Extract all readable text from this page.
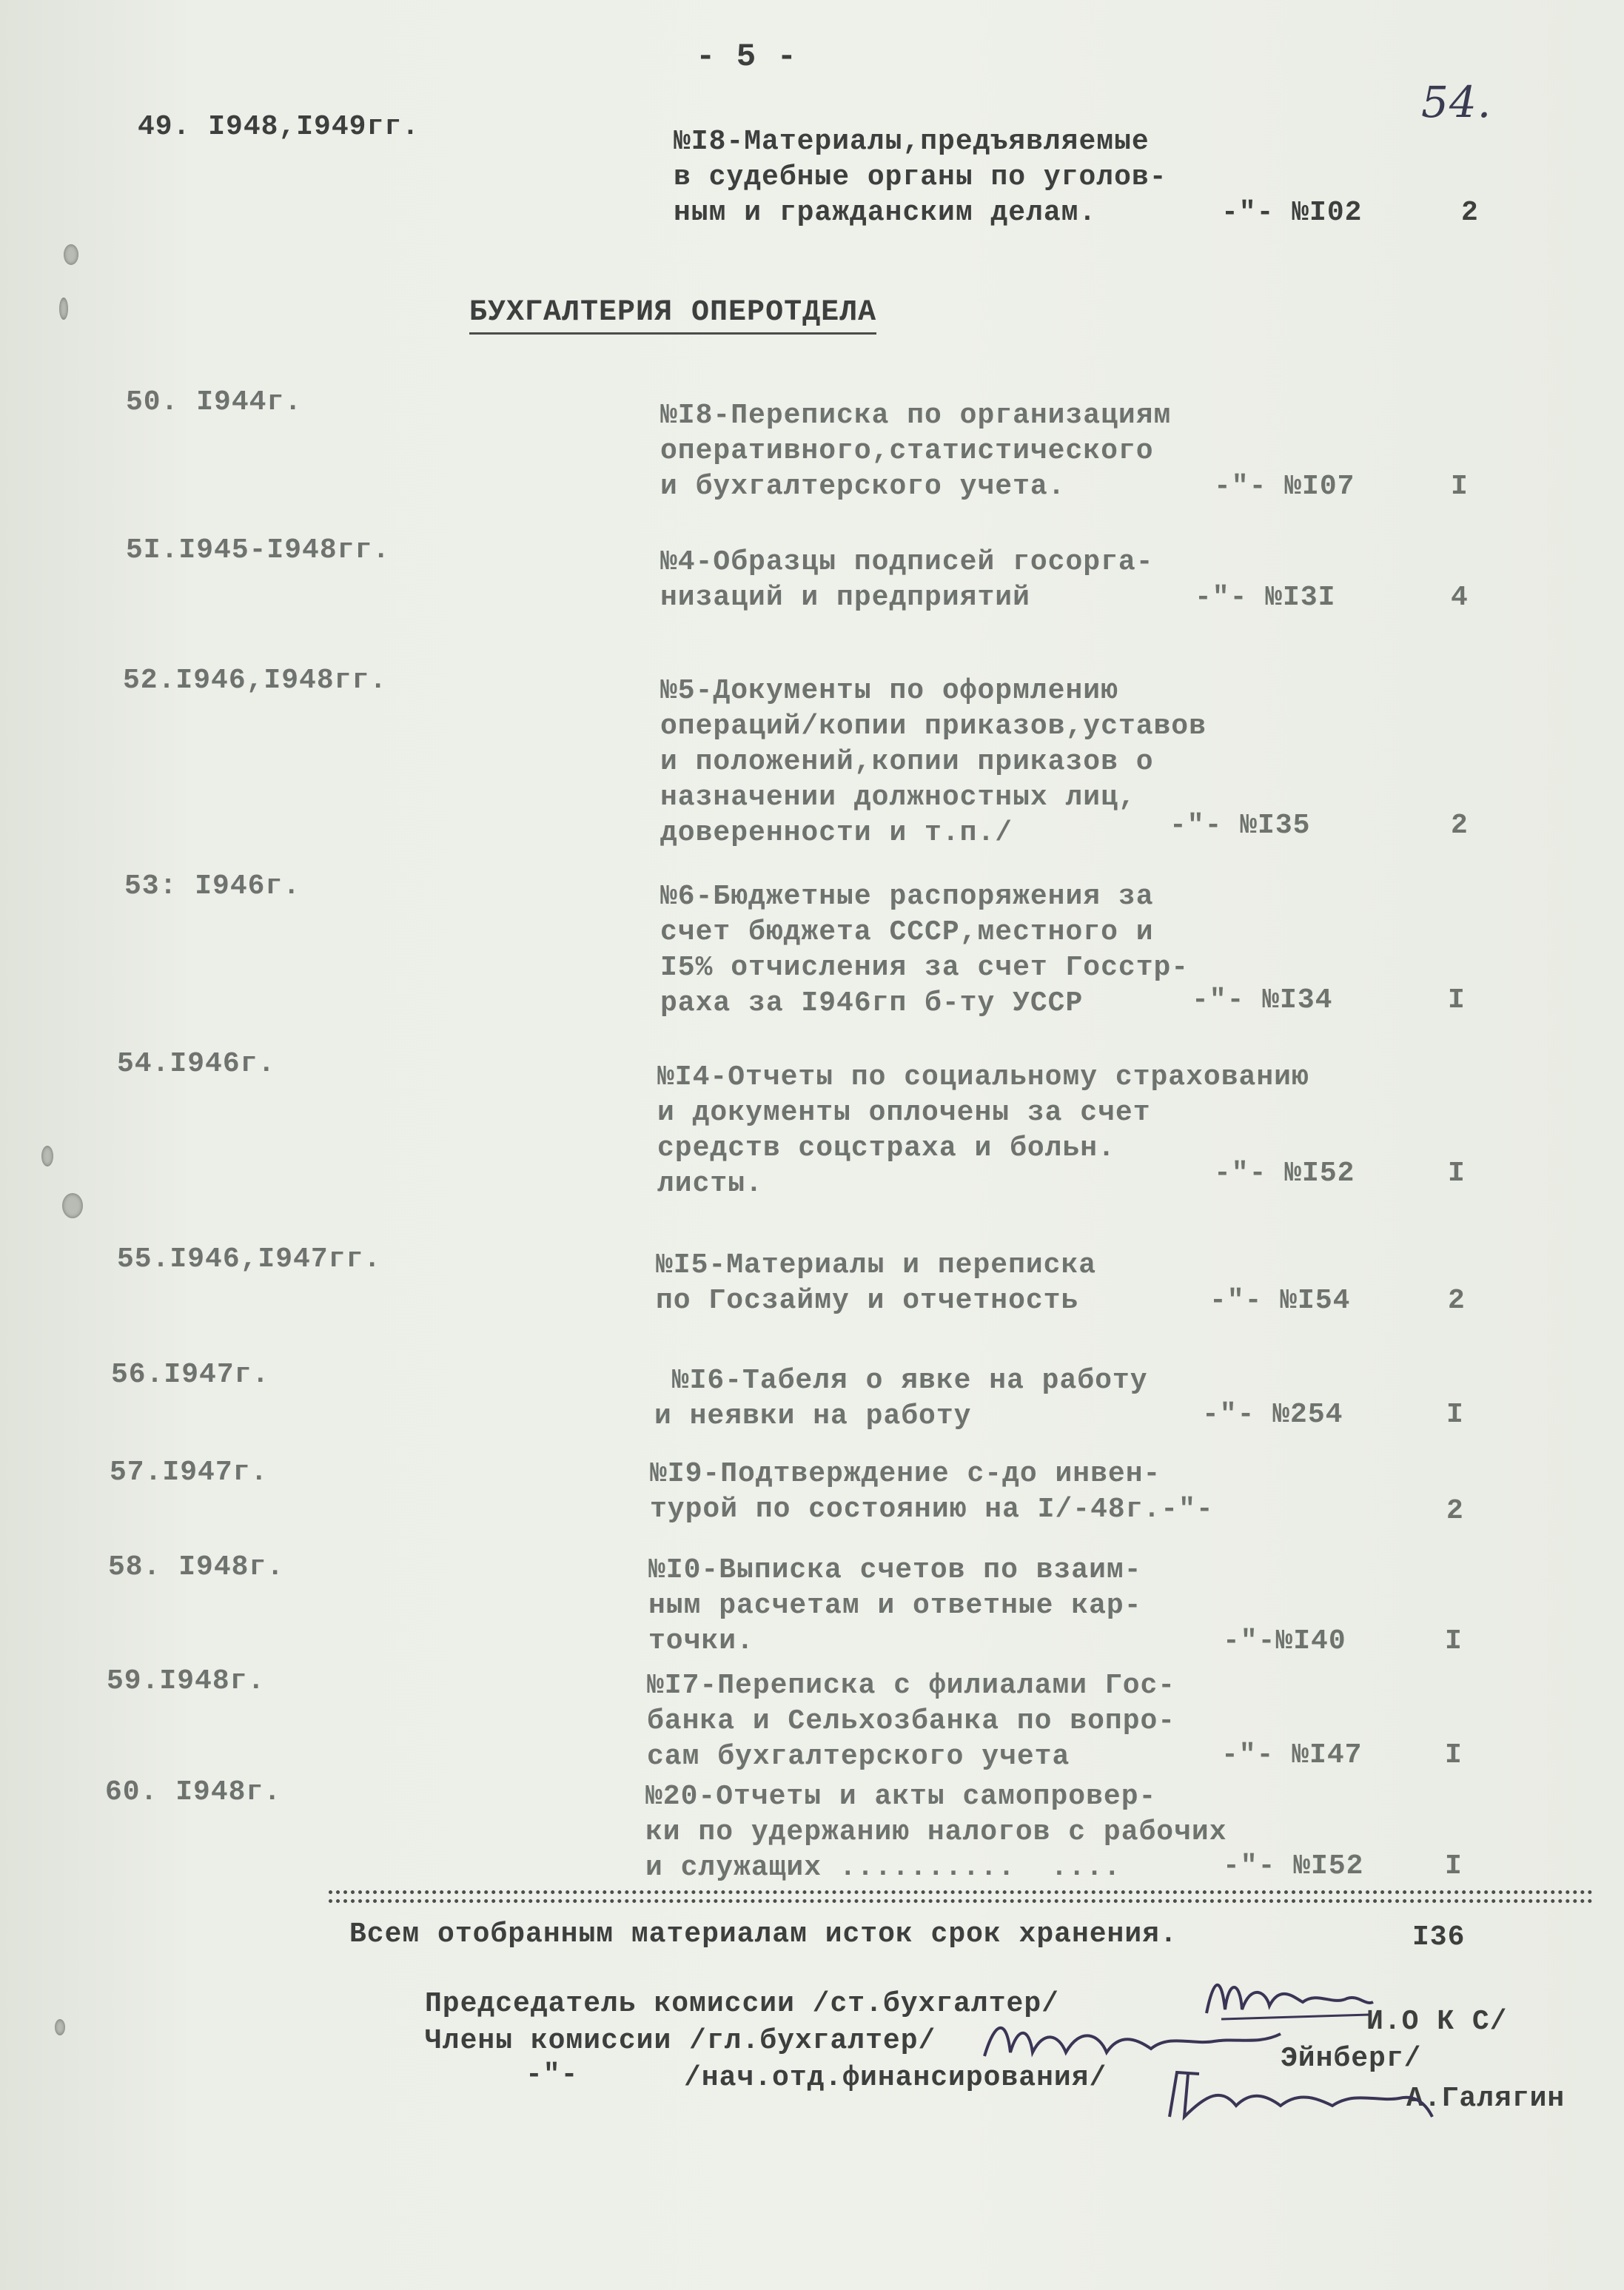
- 5 -
54.
49. I948,I949гг.	№I8-Материалы,предъявляемые
в судебные органы по уголов-
ным и гражданским делам.	-"- №I02	2
БУХГАЛТЕРИЯ ОПЕРОТДЕЛА
50. I944г.	№I8-Переписка по организациям
оперативного,статистического
и бухгалтерского учета.	-"- №I07	I
5I.I945-I948гг.	№4-Образцы подписей госорга-
низаций и предприятий	-"- №I3I	4
52.I946,I948гг.	№5-Документы по оформлению
операций/копии приказов,уставов
и положений,копии приказов о
назначении должностных лиц,
доверенности и т.п./	-"- №I35	2
53: I946г.	№6-Бюджетные распоряжения за
счет бюджета СССР,местного и
I5% отчисления за счет Госстр-
раха за I946гп б-ту УССР	-"- №I34	I
54.I946г.	№I4-Отчеты по социальному страхованию
и документы оплочены за счет
средств соцстраха и больн.
листы.	-"- №I52	I
55.I946,I947гг.	№I5-Материалы и переписка
по Госзайму и отчетность	-"- №I54	2
56.I947г.	№I6-Табеля о явке на работу
и неявки на работу	-"- №254	I
57.I947г.	№I9-Подтверждение с-до инвен-
турой по состоянию на I/-48г.-"-	2
58. I948г.	№I0-Выписка счетов по взаим-
ным расчетам и ответные кар-
точки.	-"-№I40	I
59.I948г.	№I7-Переписка с филиалами Гос-
банка и Сельхозбанка по вопро-
сам бухгалтерского учета	-"- №I47	I
60. I948г.	№20-Отчеты и акты самопровер-
ки по удержанию налогов с рабочих
и служащих ..........  ....	-"- №I52	I
Всем отобранным материалам исток срок хранения.	I36
Председатель комиссии /ст.бухгалтер/
И.О К С/
Члены комиссии /гл.бухгалтер/
Эйнберг/
-"-	/нач.отд.финансирования/
А.Галягин
